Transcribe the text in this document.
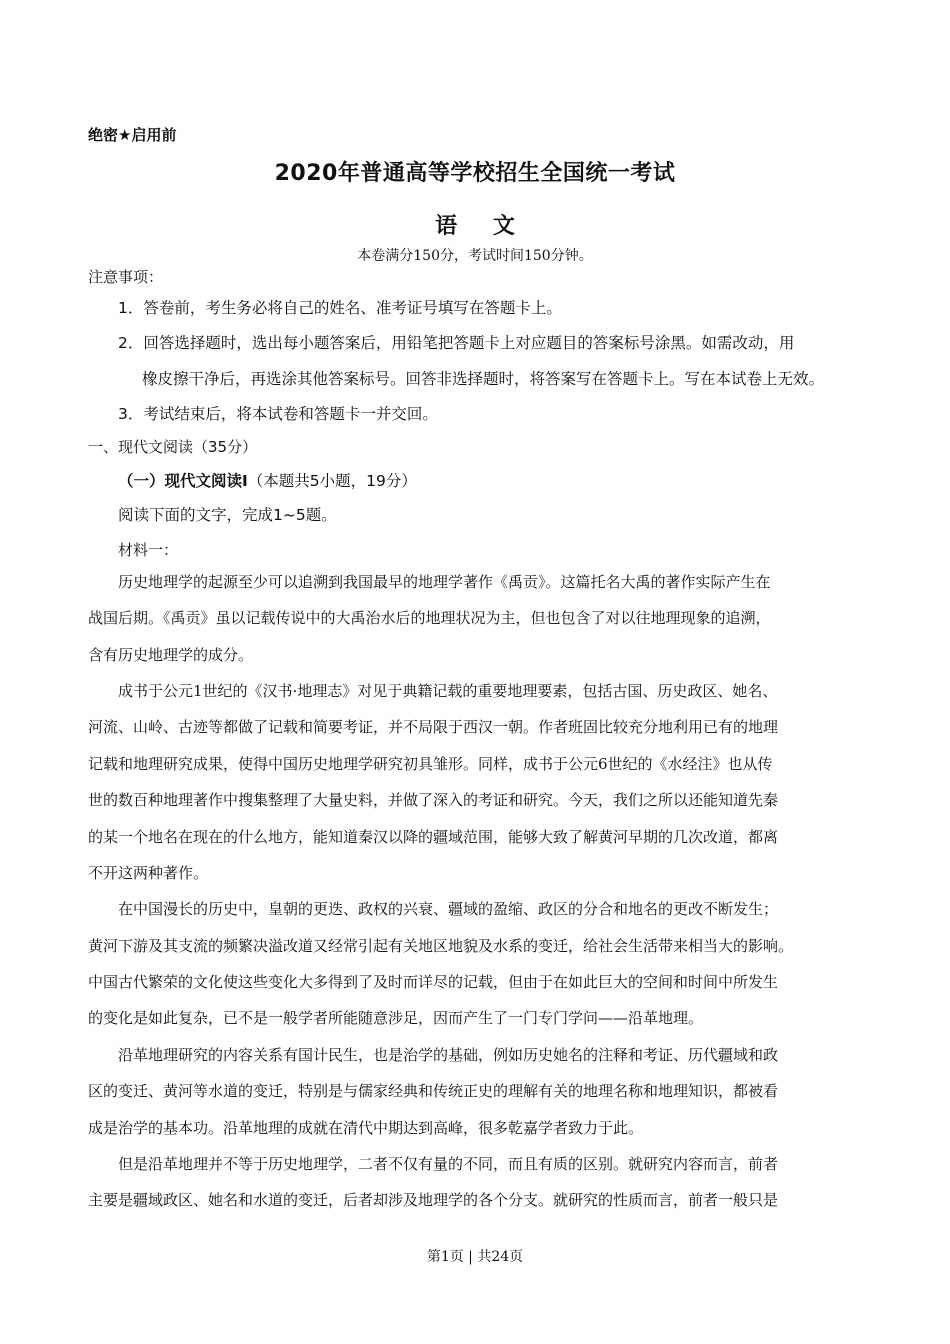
绝密★启用前
2020年普通高等学校招生全国统一考试
语 文
本卷满分150分，考试时间150分钟。
注意事项：
1．答卷前，考生务必将自己的姓名、准考证号填写在答题卡上。
2．回答选择题时，选出每小题答案后，用铅笔把答题卡上对应题目的答案标号涂黑。如需改动，用
橡皮擦干净后，再选涂其他答案标号。回答非选择题时，将答案写在答题卡上。写在本试卷上无效。
3．考试结束后，将本试卷和答题卡一并交回。
一、现代文阅读（35分）
（一）现代文阅读Ⅰ（本题共5小题，19分）
阅读下面的文字，完成1~5题。
材料一：
历史地理学的起源至少可以追溯到我国最早的地理学著作《禹贡》。这篇托名大禹的著作实际产生在
战国后期。《禹贡》虽以记载传说中的大禹治水后的地理状况为主，但也包含了对以往地理现象的追溯，
含有历史地理学的成分。
成书于公元1世纪的《汉书·地理志》对见于典籍记载的重要地理要素，包括古国、历史政区、她名、
河流、山岭、古迹等都做了记载和简要考证，并不局限于西汉一朝。作者班固比较充分地利用已有的地理
记载和地理研究成果，使得中国历史地理学研究初具雏形。同样，成书于公元6世纪的《水经注》也从传
世的数百种地理著作中搜集整理了大量史料，并做了深入的考证和研究。今天，我们之所以还能知道先秦
的某一个地名在现在的什么地方，能知道秦汉以降的疆域范围，能够大致了解黄河早期的几次改道，都离
不开这两种著作。
在中国漫长的历史中，皇朝的更迭、政权的兴衰、疆域的盈缩、政区的分合和地名的更改不断发生；
黄河下游及其支流的频繁决溢改道又经常引起有关地区地貌及水系的变迁，给社会生活带来相当大的影响。
中国古代繁荣的文化使这些变化大多得到了及时而详尽的记载，但由于在如此巨大的空间和时间中所发生
的变化是如此复杂，已不是一般学者所能随意涉足，因而产生了一门专门学问——沿革地理。
沿革地理研究的内容关系有国计民生，也是治学的基础，例如历史她名的注释和考证、历代疆域和政
区的变迁、黄河等水道的变迁，特别是与儒家经典和传统正史的理解有关的地理名称和地理知识，都被看
成是治学的基本功。沿革地理的成就在清代中期达到高峰，很多乾嘉学者致力于此。
但是沿革地理并不等于历史地理学，二者不仅有量的不同，而且有质的区别。就研究内容而言，前者
主要是疆域政区、她名和水道的变迁，后者却涉及地理学的各个分支。就研究的性质而言，前者一般只是
第1页 | 共24页
